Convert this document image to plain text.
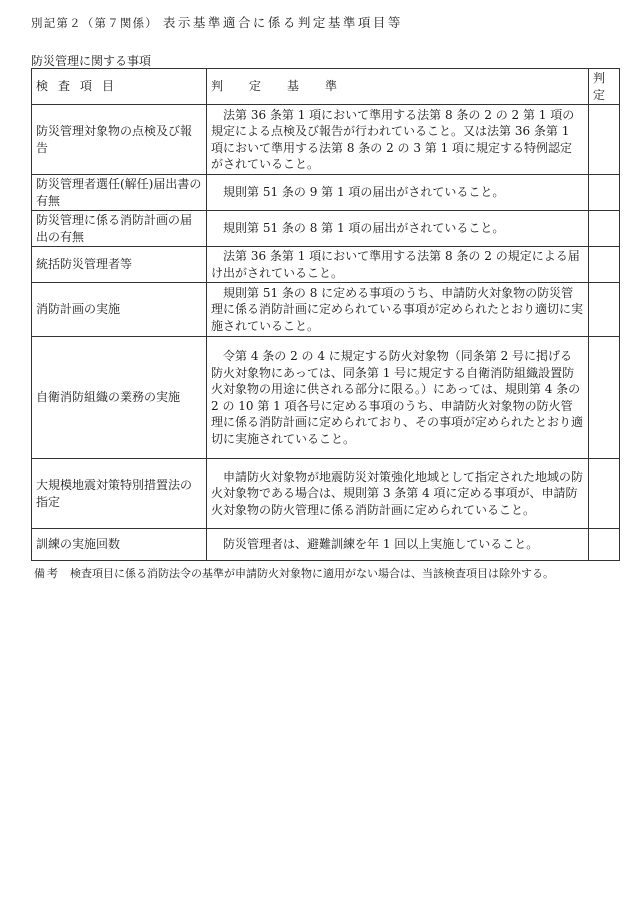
別記第２（第７関係） 表示基準適合に係る判定基準項目等
防災管理に関する事項
検査項目	判定基準	判定
防災管理対象物の点検及び報告	法第 36 条第 1 項において準用する法第 8 条の 2 の 2 第 1 項の規定による点検及び報告が行われていること。又は法第 36 条第 1 項において準用する法第 8 条の 2 の 3 第 1 項に規定する特例認定がされていること。	
防災管理者選任(解任)届出書の有無	規則第 51 条の 9 第 1 項の届出がされていること。	
防災管理に係る消防計画の届出の有無	規則第 51 条の 8 第 1 項の届出がされていること。	
統括防災管理者等	法第 36 条第 1 項において準用する法第 8 条の 2 の規定による届け出がされていること。	
消防計画の実施	規則第 51 条の 8 に定める事項のうち、申請防火対象物の防災管理に係る消防計画に定められている事項が定められたとおり適切に実施されていること。	
自衛消防組織の業務の実施	令第 4 条の 2 の 4 に規定する防火対象物（同条第 2 号に掲げる防火対象物にあっては、同条第 1 号に規定する自衛消防組織設置防火対象物の用途に供される部分に限る。）にあっては、規則第 4 条の 2 の 10 第 1 項各号に定める事項のうち、申請防火対象物の防火管理に係る消防計画に定められており、その事項が定められたとおり適切に実施されていること。	
大規模地震対策特別措置法の指定	申請防火対象物が地震防災対策強化地域として指定された地域の防火対象物である場合は、規則第 3 条第 4 項に定める事項が、申請防火対象物の防火管理に係る消防計画に定められていること。	
訓練の実施回数	防災管理者は、避難訓練を年 1 回以上実施していること。	
備考 検査項目に係る消防法令の基準が申請防火対象物に適用がない場合は、当該検査項目は除外する。
